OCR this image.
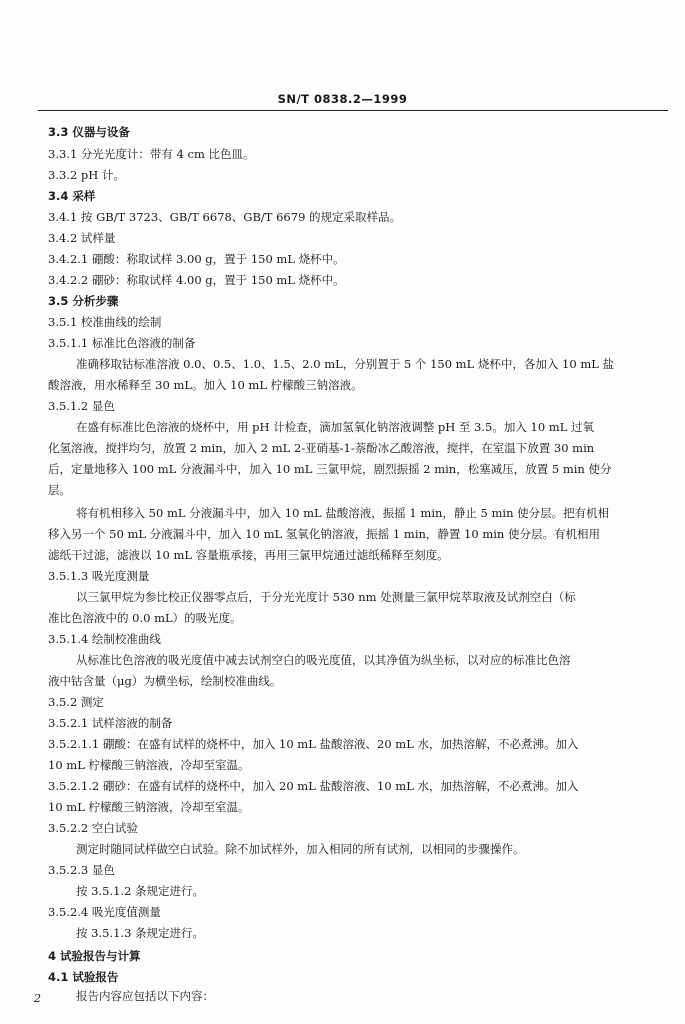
SN/T 0838.2—1999
3.3 仪器与设备
3.3.1 分光光度计：带有 4 cm 比色皿。
3.3.2 pH 计。
3.4 采样
3.4.1 按 GB/T 3723、GB/T 6678、GB/T 6679 的规定采取样品。
3.4.2 试样量
3.4.2.1 硼酸：称取试样 3.00 g，置于 150 mL 烧杯中。
3.4.2.2 硼砂：称取试样 4.00 g，置于 150 mL 烧杯中。
3.5 分析步骤
3.5.1 校准曲线的绘制
3.5.1.1 标准比色溶液的制备
准确移取钴标准溶液 0.0、0.5、1.0、1.5、2.0 mL，分别置于 5 个 150 mL 烧杯中，各加入 10 mL 盐
酸溶液，用水稀释至 30 mL。加入 10 mL 柠檬酸三钠溶液。
3.5.1.2 显色
在盛有标准比色溶液的烧杯中，用 pH 计检查，滴加氢氧化钠溶液调整 pH 至 3.5。加入 10 mL 过氧
化氢溶液，搅拌均匀，放置 2 min，加入 2 mL 2-亚硝基-1-萘酚冰乙酸溶液，搅拌，在室温下放置 30 min
后，定量地移入 100 mL 分液漏斗中，加入 10 mL 三氯甲烷，剧烈振摇 2 min，松塞减压，放置 5 min 使分
层。
将有机相移入 50 mL 分液漏斗中，加入 10 mL 盐酸溶液，振摇 1 min，静止 5 min 使分层。把有机相
移入另一个 50 mL 分液漏斗中，加入 10 mL 氢氧化钠溶液，振摇 1 min，静置 10 min 使分层。有机相用
滤纸干过滤，滤液以 10 mL 容量瓶承接，再用三氯甲烷通过滤纸稀释至刻度。
3.5.1.3 吸光度测量
以三氯甲烷为参比校正仪器零点后，于分光光度计 530 nm 处测量三氯甲烷萃取液及试剂空白（标
准比色溶液中的 0.0 mL）的吸光度。
3.5.1.4 绘制校准曲线
从标准比色溶液的吸光度值中减去试剂空白的吸光度值，以其净值为纵坐标，以对应的标准比色溶
液中钴含量（μg）为横坐标，绘制校准曲线。
3.5.2 测定
3.5.2.1 试样溶液的制备
3.5.2.1.1 硼酸：在盛有试样的烧杯中，加入 10 mL 盐酸溶液、20 mL 水，加热溶解，不必煮沸。加入
10 mL 柠檬酸三钠溶液，冷却至室温。
3.5.2.1.2 硼砂：在盛有试样的烧杯中，加入 20 mL 盐酸溶液、10 mL 水，加热溶解，不必煮沸。加入
10 mL 柠檬酸三钠溶液，冷却至室温。
3.5.2.2 空白试验
测定时随同试样做空白试验。除不加试样外，加入相同的所有试剂，以相同的步骤操作。
3.5.2.3 显色
按 3.5.1.2 条规定进行。
3.5.2.4 吸光度值测量
按 3.5.1.3 条规定进行。
4 试验报告与计算
4.1 试验报告
报告内容应包括以下内容：
2
